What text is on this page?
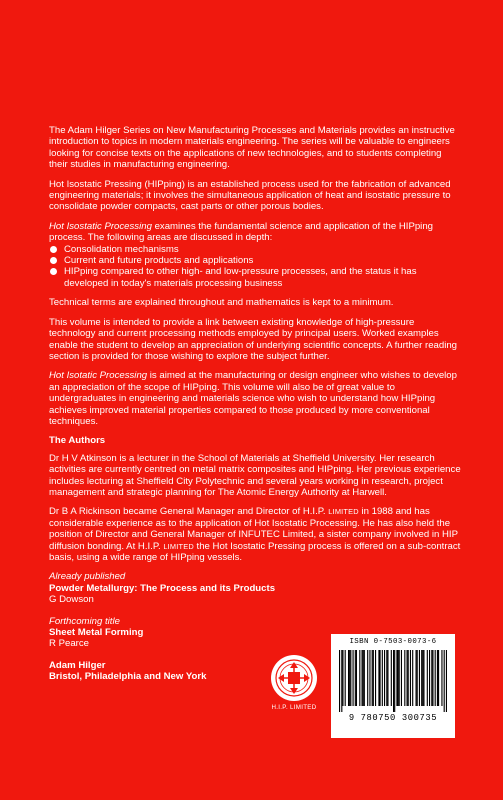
The Adam Hilger Series on New Manufacturing Processes and Materials provides an instructive introduction to topics in modern materials engineering. The series will be valuable to engineers looking for concise texts on the applications of new technologies, and to students completing their studies in manufacturing engineering.

Hot Isostatic Pressing (HIPping) is an established process used for the fabrication of advanced engineering materials; it involves the simultaneous application of heat and isostatic pressure to consolidate powder compacts, cast parts or other porous bodies.

Hot Isostatic Processing examines the fundamental science and application of the HIPping process. The following areas are discussed in depth:

Consolidation mechanisms
Current and future products and applications
HIPping compared to other high- and low-pressure processes, and the status it has developed in today's materials processing business

Technical terms are explained throughout and mathematics is kept to a minimum.

This volume is intended to provide a link between existing knowledge of high-pressure technology and current processing methods employed by principal users. Worked examples enable the student to develop an appreciation of underlying scientific concepts. A further reading section is provided for those wishing to explore the subject further.

Hot Isotatic Processing is aimed at the manufacturing or design engineer who wishes to develop an appreciation of the scope of HIPping. This volume will also be of great value to undergraduates in engineering and materials science who wish to understand how HIPping achieves improved material properties compared to those produced by more conventional techniques.

The Authors

Dr H V Atkinson is a lecturer in the School of Materials at Sheffield University. Her research activities are currently centred on metal matrix composites and HIPping. Her previous experience includes lecturing at Sheffield City Polytechnic and several years working in research, project management and strategic planning for The Atomic Energy Authority at Harwell.

Dr B A Rickinson became General Manager and Director of H.I.P. LIMITED in 1988 and has considerable experience as to the application of Hot Isostatic Processing. He has also held the position of Director and General Manager of INFUTEC Limited, a sister company involved in HIP diffusion bonding. At H.I.P. LIMITED the Hot Isostatic Pressing process is offered on a sub-contract basis, using a wide range of HIPping vessels.

Already published

Powder Metallurgy: The Process and its Products

G Dowson

Forthcoming title

Sheet Metal Forming

R Pearce

Adam Hilger

Bristol, Philadelphia and New York

H.I.P. LIMITED
ISBN 0-7503-0073-6
9 780750 300735
